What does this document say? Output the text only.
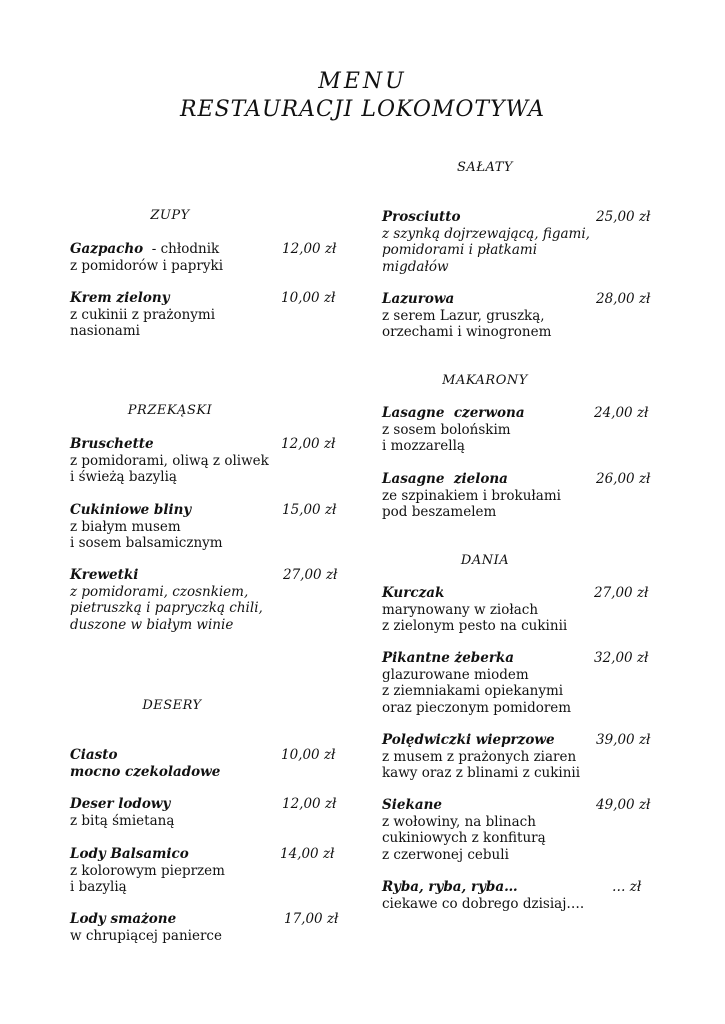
MENU
RESTAURACJI LOKOMOTYWA
ZUPY
Gazpacho  - chłodnik
z pomidorów i papryki
12,00 zł
Krem zielony
z cukinii z prażonymi
nasionami
10,00 zł
PRZEKĄSKI
Bruschette
z pomidorami, oliwą z oliwek
i świeżą bazylią
12,00 zł
Cukiniowe bliny
z białym musem
i sosem balsamicznym
15,00 zł
Krewetki
z pomidorami, czosnkiem,
pietruszką i papryczką chili,
duszone w białym winie
27,00 zł
DESERY
Ciasto
mocno czekoladowe
10,00 zł
Deser lodowy
z bitą śmietaną
12,00 zł
Lody Balsamico
z kolorowym pieprzem
i bazylią
14,00 zł
Lody smażone
w chrupiącej panierce
17,00 zł
SAŁATY
Prosciutto
z szynką dojrzewającą, figami,
pomidorami i płatkami
migdałów
25,00 zł
Lazurowa
z serem Lazur, gruszką,
orzechami i winogronem
28,00 zł
MAKARONY
Lasagne  czerwona
z sosem bolońskim
i mozzarellą
24,00 zł
Lasagne  zielona
ze szpinakiem i brokułami
pod beszamelem
26,00 zł
DANIA
Kurczak
marynowany w ziołach
z zielonym pesto na cukinii
27,00 zł
Pikantne żeberka
glazurowane miodem
z ziemniakami opiekanymi
oraz pieczonym pomidorem
32,00 zł
Polędwiczki wieprzowe
z musem z prażonych ziaren
kawy oraz z blinami z cukinii
39,00 zł
Siekane
z wołowiny, na blinach
cukiniowych z konfiturą
z czerwonej cebuli
49,00 zł
Ryba, ryba, ryba…
ciekawe co dobrego dzisiaj….
… zł
